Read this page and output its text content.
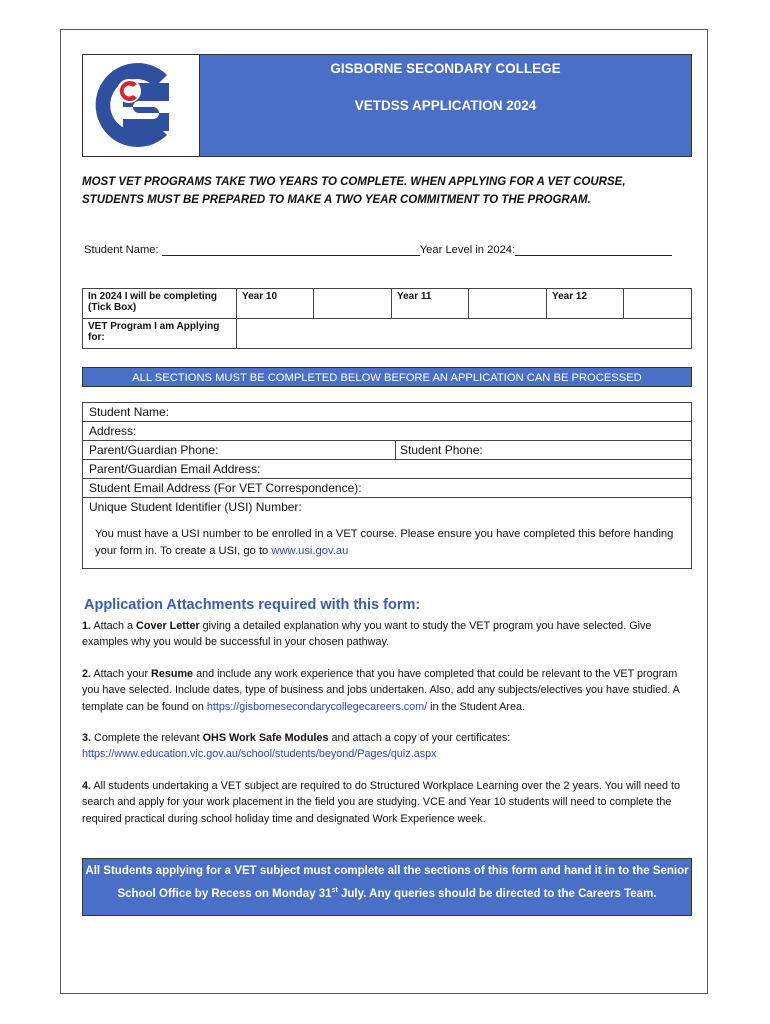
GISBORNE SECONDARY COLLEGE
VETDSS APPLICATION 2024
MOST VET PROGRAMS TAKE TWO YEARS TO COMPLETE. WHEN APPLYING FOR A VET COURSE, STUDENTS MUST BE PREPARED TO MAKE A TWO YEAR COMMITMENT TO THE PROGRAM.
Student Name:	Year Level in 2024:
In 2024 I will be completing (Tick Box)	Year 10		Year 11		Year 12	
VET Program I am Applying for:						
ALL SECTIONS MUST BE COMPLETED BELOW BEFORE AN APPLICATION CAN BE PROCESSED
Student Name:
Address:
Parent/Guardian Phone:	Student Phone:
Parent/Guardian Email Address:
Student Email Address (For VET Correspondence):
Unique Student Identifier (USI) Number:
You must have a USI number to be enrolled in a VET course. Please ensure you have completed this before handing your form in. To create a USI, go to www.usi.gov.au
Application Attachments required with this form:

1. Attach a Cover Letter giving a detailed explanation why you want to study the VET program you have selected. Give examples why you would be successful in your chosen pathway.

2. Attach your Resume and include any work experience that you have completed that could be relevant to the VET program you have selected. Include dates, type of business and jobs undertaken. Also, add any subjects/electives you have studied. A template can be found on https://gisbornesecondarycollegecareers.com/ in the Student Area.

3. Complete the relevant OHS Work Safe Modules and attach a copy of your certificates:
https://www.education.vic.gov.au/school/students/beyond/Pages/quiz.aspx

4. All students undertaking a VET subject are required to do Structured Workplace Learning over the 2 years. You will need to search and apply for your work placement in the field you are studying. VCE and Year 10 students will need to complete the required practical during school holiday time and designated Work Experience week.

All Students applying for a VET subject must complete all the sections of this form and hand it in to the Senior School Office by Recess on Monday 31st July. Any queries should be directed to the Careers Team.
